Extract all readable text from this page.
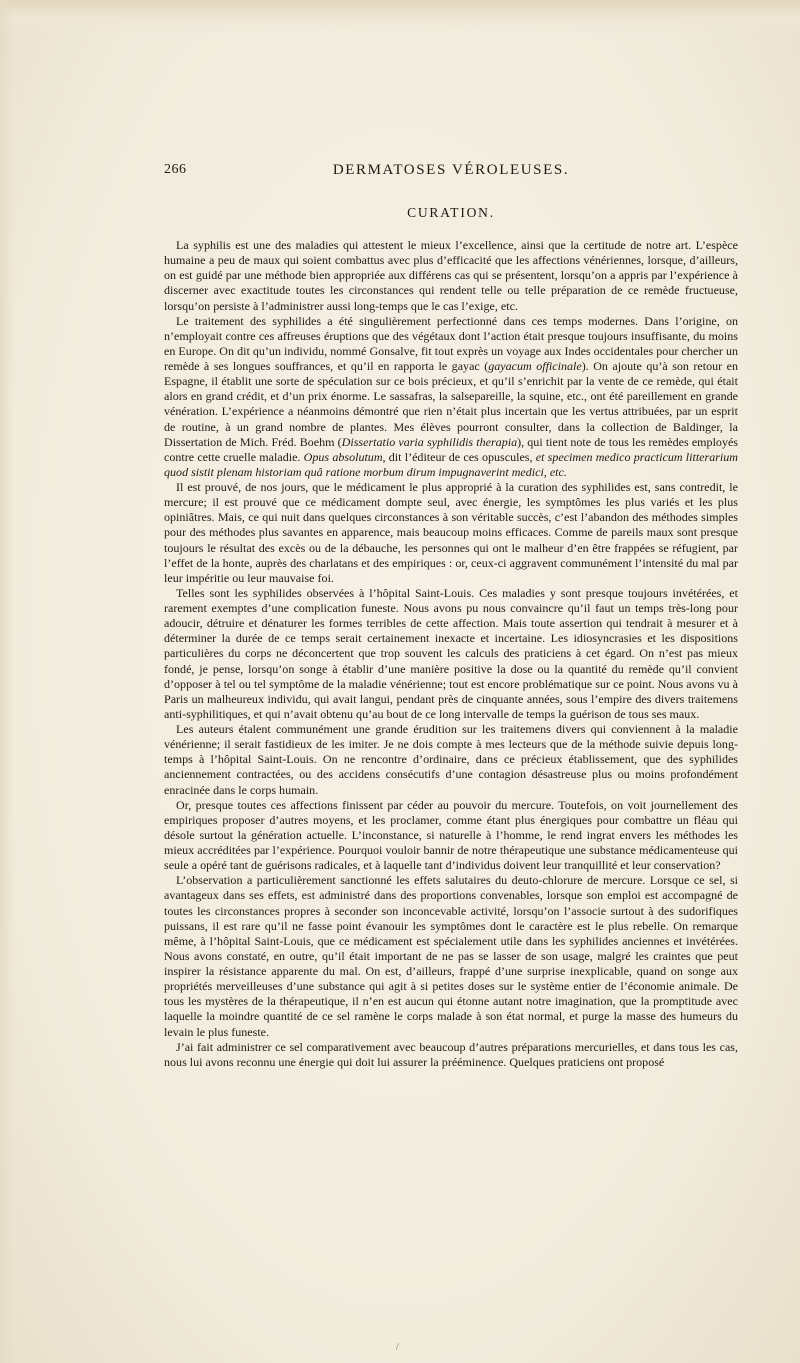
266	DERMATOSES VÉROLEUSES.
CURATION.

La syphilis est une des maladies qui attestent le mieux l’excellence, ainsi que la certitude de notre art. L’espèce humaine a peu de maux qui soient combattus avec plus d’efficacité que les affections vénériennes, lorsque, d’ailleurs, on est guidé par une méthode bien appropriée aux différens cas qui se présentent, lorsqu’on a appris par l’expérience à discerner avec exactitude toutes les circonstances qui rendent telle ou telle préparation de ce remède fructueuse, lorsqu’on persiste à l’administrer aussi long-temps que le cas l’exige, etc.

Le traitement des syphilides a été singulièrement perfectionné dans ces temps modernes. Dans l’origine, on n’employait contre ces affreuses éruptions que des végétaux dont l’action était presque toujours insuffisante, du moins en Europe. On dit qu’un individu, nommé Gonsalve, fit tout exprès un voyage aux Indes occidentales pour chercher un remède à ses longues souffrances, et qu’il en rapporta le gayac (gayacum officinale). On ajoute qu’à son retour en Espagne, il établit une sorte de spéculation sur ce bois précieux, et qu’il s’enrichit par la vente de ce remède, qui était alors en grand crédit, et d’un prix énorme. Le sassafras, la salsepareille, la squine, etc., ont été pareillement en grande vénération. L’expérience a néanmoins démontré que rien n’était plus incertain que les vertus attribuées, par un esprit de routine, à un grand nombre de plantes. Mes élèves pourront consulter, dans la collection de Baldinger, la Dissertation de Mich. Fréd. Boehm (Dissertatio varia syphilidis therapia), qui tient note de tous les remèdes employés contre cette cruelle maladie. Opus absolutum, dit l’éditeur de ces opuscules, et specimen medico practicum litterarium quod sistit plenam historiam quâ ratione morbum dirum impugnaverint medici, etc.

Il est prouvé, de nos jours, que le médicament le plus approprié à la curation des syphilides est, sans contredit, le mercure; il est prouvé que ce médicament dompte seul, avec énergie, les symptômes les plus variés et les plus opiniâtres. Mais, ce qui nuit dans quelques circonstances à son véritable succès, c’est l’abandon des méthodes simples pour des méthodes plus savantes en apparence, mais beaucoup moins efficaces. Comme de pareils maux sont presque toujours le résultat des excès ou de la débauche, les personnes qui ont le malheur d’en être frappées se réfugient, par l’effet de la honte, auprès des charlatans et des empiriques : or, ceux-ci aggravent communément l’intensité du mal par leur impéritie ou leur mauvaise foi.

Telles sont les syphilides observées à l’hôpital Saint-Louis. Ces maladies y sont presque toujours invétérées, et rarement exemptes d’une complication funeste. Nous avons pu nous convaincre qu’il faut un temps très-long pour adoucir, détruire et dénaturer les formes terribles de cette affection. Mais toute assertion qui tendrait à mesurer et à déterminer la durée de ce temps serait certainement inexacte et incertaine. Les idiosyncrasies et les dispositions particulières du corps ne déconcertent que trop souvent les calculs des praticiens à cet égard. On n’est pas mieux fondé, je pense, lorsqu’on songe à établir d’une manière positive la dose ou la quantité du remède qu’il convient d’opposer à tel ou tel symptôme de la maladie vénérienne; tout est encore problématique sur ce point. Nous avons vu à Paris un malheureux individu, qui avait langui, pendant près de cinquante années, sous l’empire des divers traitemens anti-syphilitiques, et qui n’avait obtenu qu’au bout de ce long intervalle de temps la guérison de tous ses maux.

Les auteurs étalent communément une grande érudition sur les traitemens divers qui conviennent à la maladie vénérienne; il serait fastidieux de les imiter. Je ne dois compte à mes lecteurs que de la méthode suivie depuis long-temps à l’hôpital Saint-Louis. On ne rencontre d’ordinaire, dans ce précieux établissement, que des syphilides anciennement contractées, ou des accidens consécutifs d’une contagion désastreuse plus ou moins profondément enracinée dans le corps humain.

Or, presque toutes ces affections finissent par céder au pouvoir du mercure. Toutefois, on voit journellement des empiriques proposer d’autres moyens, et les proclamer, comme étant plus énergiques pour combattre un fléau qui désole surtout la génération actuelle. L’inconstance, si naturelle à l’homme, le rend ingrat envers les méthodes les mieux accréditées par l’expérience. Pourquoi vouloir bannir de notre thérapeutique une substance médicamenteuse qui seule a opéré tant de guérisons radicales, et à laquelle tant d’individus doivent leur tranquillité et leur conservation?

L’observation a particulièrement sanctionné les effets salutaires du deuto-chlorure de mercure. Lorsque ce sel, si avantageux dans ses effets, est administré dans des proportions convenables, lorsque son emploi est accompagné de toutes les circonstances propres à seconder son inconcevable activité, lorsqu’on l’associe surtout à des sudorifiques puissans, il est rare qu’il ne fasse point évanouir les symptômes dont le caractère est le plus rebelle. On remarque même, à l’hôpital Saint-Louis, que ce médicament est spécialement utile dans les syphilides anciennes et invétérées. Nous avons constaté, en outre, qu’il était important de ne pas se lasser de son usage, malgré les craintes que peut inspirer la résistance apparente du mal. On est, d’ailleurs, frappé d’une surprise inexplicable, quand on songe aux propriétés merveilleuses d’une substance qui agit à si petites doses sur le système entier de l’économie animale. De tous les mystères de la thérapeutique, il n’en est aucun qui étonne autant notre imagination, que la promptitude avec laquelle la moindre quantité de ce sel ramène le corps malade à son état normal, et purge la masse des humeurs du levain le plus funeste.

J’ai fait administrer ce sel comparativement avec beaucoup d’autres préparations mercurielles, et dans tous les cas, nous lui avons reconnu une énergie qui doit lui assurer la prééminence. Quelques praticiens ont proposé

/
